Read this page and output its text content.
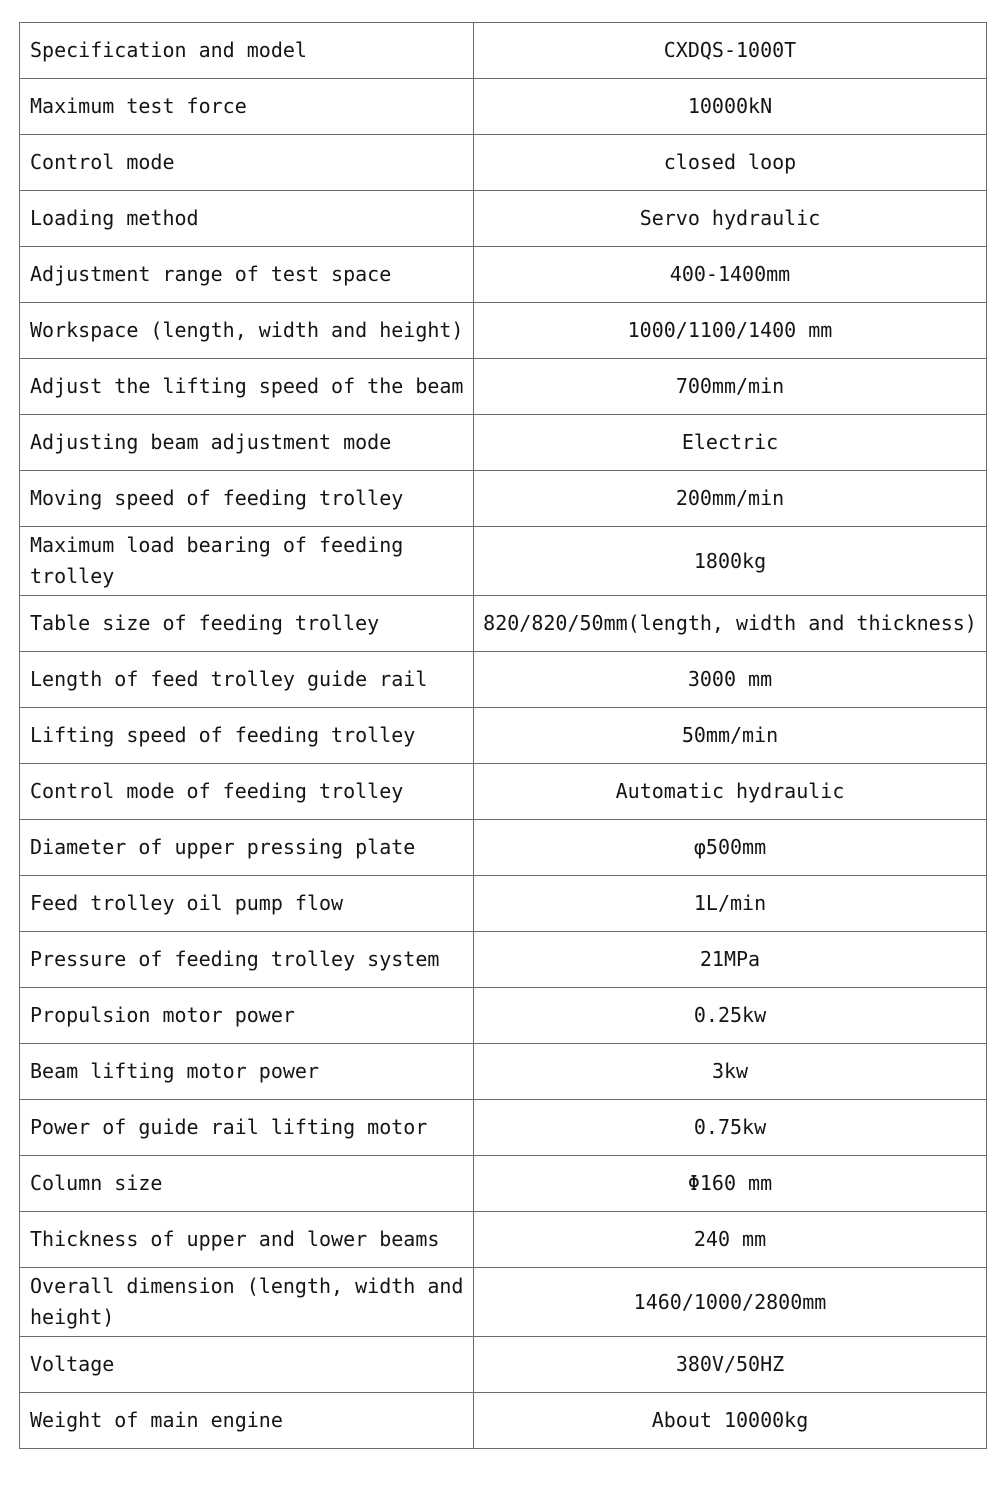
Specification and model	CXDQS-1000T
Maximum test force	10000kN
Control mode	closed loop
Loading method	Servo hydraulic
Adjustment range of test space	400-1400mm
Workspace (length, width and height)	1000/1100/1400 mm
Adjust the lifting speed of the beam	700mm/min
Adjusting beam adjustment mode	Electric
Moving speed of feeding trolley	200mm/min
Maximum load bearing of feeding trolley	1800kg
Table size of feeding trolley	820/820/50mm(length, width and thickness)
Length of feed trolley guide rail	3000 mm
Lifting speed of feeding trolley	50mm/min
Control mode of feeding trolley	Automatic hydraulic
Diameter of upper pressing plate	φ500mm
Feed trolley oil pump flow	1L/min
Pressure of feeding trolley system	21MPa
Propulsion motor power	0.25kw
Beam lifting motor power	3kw
Power of guide rail lifting motor	0.75kw
Column size	Φ160 mm
Thickness of upper and lower beams	240 mm
Overall dimension (length, width and height)	1460/1000/2800mm
Voltage	380V/50HZ
Weight of main engine	About 10000kg
